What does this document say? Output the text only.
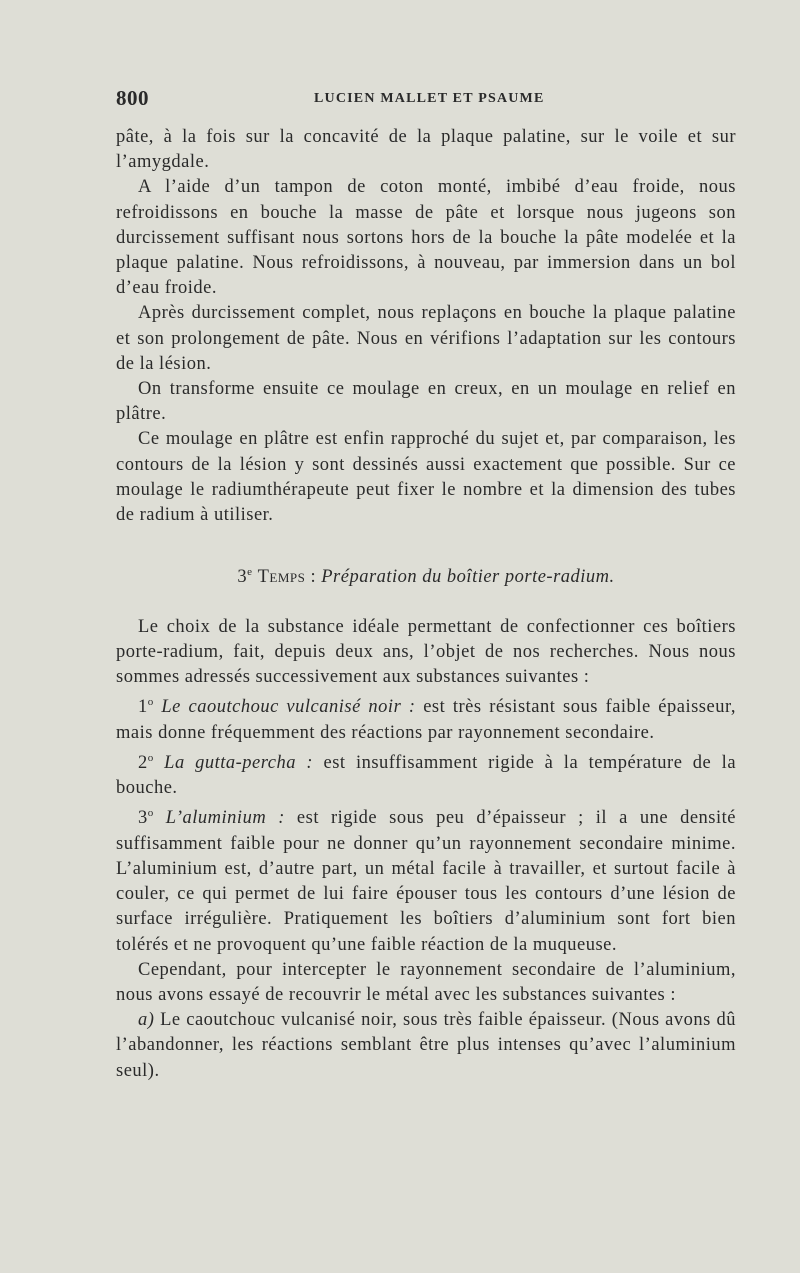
800	LUCIEN MALLET ET PSAUME

pâte, à la fois sur la concavité de la plaque palatine, sur le voile et sur l’amygdale.

A l’aide d’un tampon de coton monté, imbibé d’eau froide, nous refroidissons en bouche la masse de pâte et lorsque nous jugeons son durcissement suffisant nous sortons hors de la bouche la pâte modelée et la plaque palatine. Nous refroidissons, à nouveau, par immersion dans un bol d’eau froide.

Après durcissement complet, nous replaçons en bouche la plaque palatine et son prolongement de pâte. Nous en vérifions l’adaptation sur les contours de la lésion.

On transforme ensuite ce moulage en creux, en un moulage en relief en plâtre.

Ce moulage en plâtre est enfin rapproché du sujet et, par comparaison, les contours de la lésion y sont dessinés aussi exactement que possible. Sur ce moulage le radiumthérapeute peut fixer le nombre et la dimension des tubes de radium à utiliser.

3e Temps : Préparation du boîtier porte-radium.

Le choix de la substance idéale permettant de confectionner ces boîtiers porte-radium, fait, depuis deux ans, l’objet de nos recherches. Nous nous sommes adressés successivement aux substances suivantes :

1$^o$ Le caoutchouc vulcanisé noir : est très résistant sous faible épaisseur, mais donne fréquemment des réactions par rayonnement secondaire.

2$^o$ La gutta-percha : est insuffisamment rigide à la température de la bouche.

3$^o$ L’aluminium : est rigide sous peu d’épaisseur ; il a une densité suffisamment faible pour ne donner qu’un rayonnement secondaire minime. L’aluminium est, d’autre part, un métal facile à travailler, et surtout facile à couler, ce qui permet de lui faire épouser tous les contours d’une lésion de surface irrégulière. Pratiquement les boîtiers d’aluminium sont fort bien tolérés et ne provoquent qu’une faible réaction de la muqueuse.

Cependant, pour intercepter le rayonnement secondaire de l’aluminium, nous avons essayé de recouvrir le métal avec les substances suivantes :

a) Le caoutchouc vulcanisé noir, sous très faible épaisseur. (Nous avons dû l’abandonner, les réactions semblant être plus intenses qu’avec l’aluminium seul).
